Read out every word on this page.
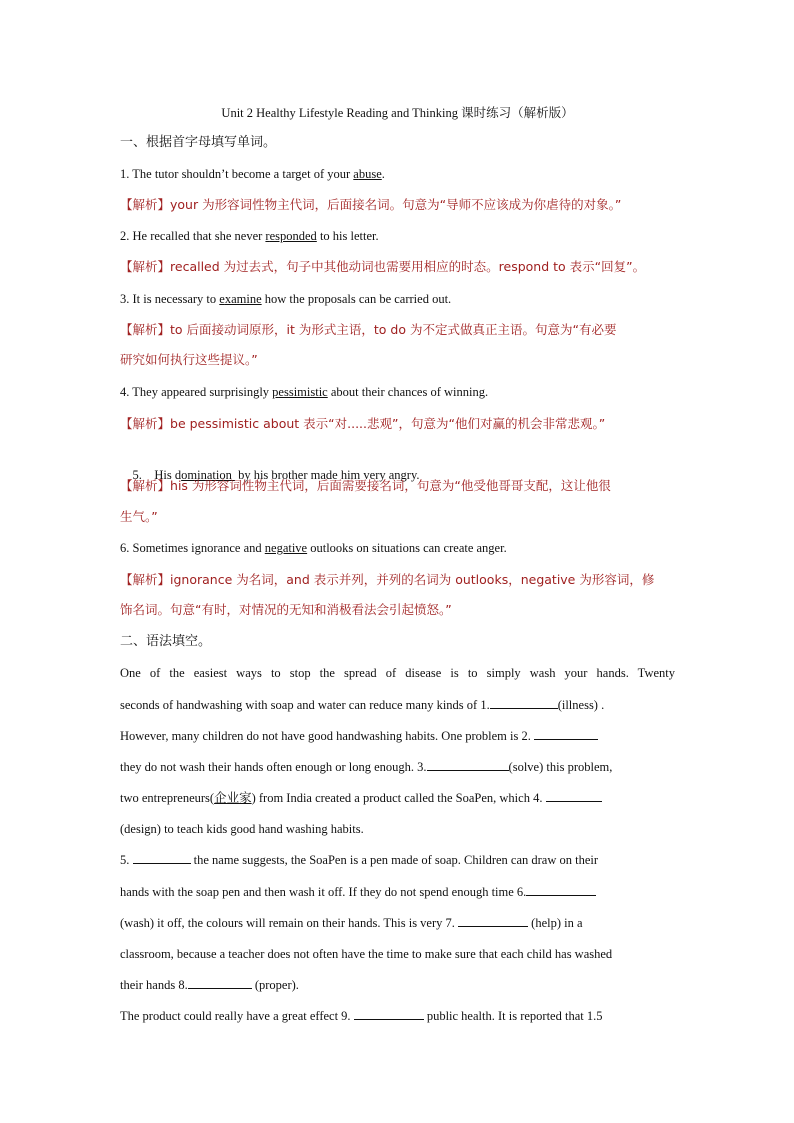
Unit 2 Healthy Lifestyle Reading and Thinking 课时练习（解析版）
一、根据首字母填写单词。
1. The tutor shouldn’t become a target of your abuse.
【解析】your 为形容词性物主代词，后面接名词。句意为“导师不应该成为你虐待的对象。”
2. He recalled that she never responded to his letter.
【解析】recalled 为过去式，句子中其他动词也需要用相应的时态。respond to 表示“回复”。
3. It is necessary to examine how the proposals can be carried out.
【解析】to 后面接动词原形，it 为形式主语，to do 为不定式做真正主语。句意为“有必要
研究如何执行这些提议。”
4. They appeared surprisingly pessimistic about their chances of winning.
【解析】be pessimistic about 表示“对.....悲观”，句意为“他们对赢的机会非常悲观。”

5.    His domination  by his brother made him very angry.

【解析】his 为形容词性物主代词，后面需要接名词，句意为“他受他哥哥支配，这让他很
生气。”
6. Sometimes ignorance and negative outlooks on situations can create anger.
【解析】ignorance 为名词，and 表示并列，并列的名词为 outlooks，negative 为形容词，修
饰名词。句意“有时，对情况的无知和消极看法会引起愤怒。”
二、语法填空。
One of the easiest ways to stop the spread of disease is to simply wash your hands. Twenty
seconds of handwashing with soap and water can reduce many kinds of 1.	(illness) .
However, many children do not have good handwashing habits. One problem is 2.
they do not wash their hands often enough or long enough. 3.	(solve) this problem,
two entrepreneurs(企业家) from India created a product called the SoaPen, which 4.
(design) to teach kids good hand washing habits.
5.	the name suggests, the SoaPen is a pen made of soap. Children can draw on their
hands with the soap pen and then wash it off. If they do not spend enough time 6.
(wash) it off, the colours will remain on their hands. This is very 7.	(help) in a
classroom, because a teacher does not often have the time to make sure that each child has washed
their hands 8.	(proper).
The product could really have a great effect 9.	public health. It is reported that 1.5
